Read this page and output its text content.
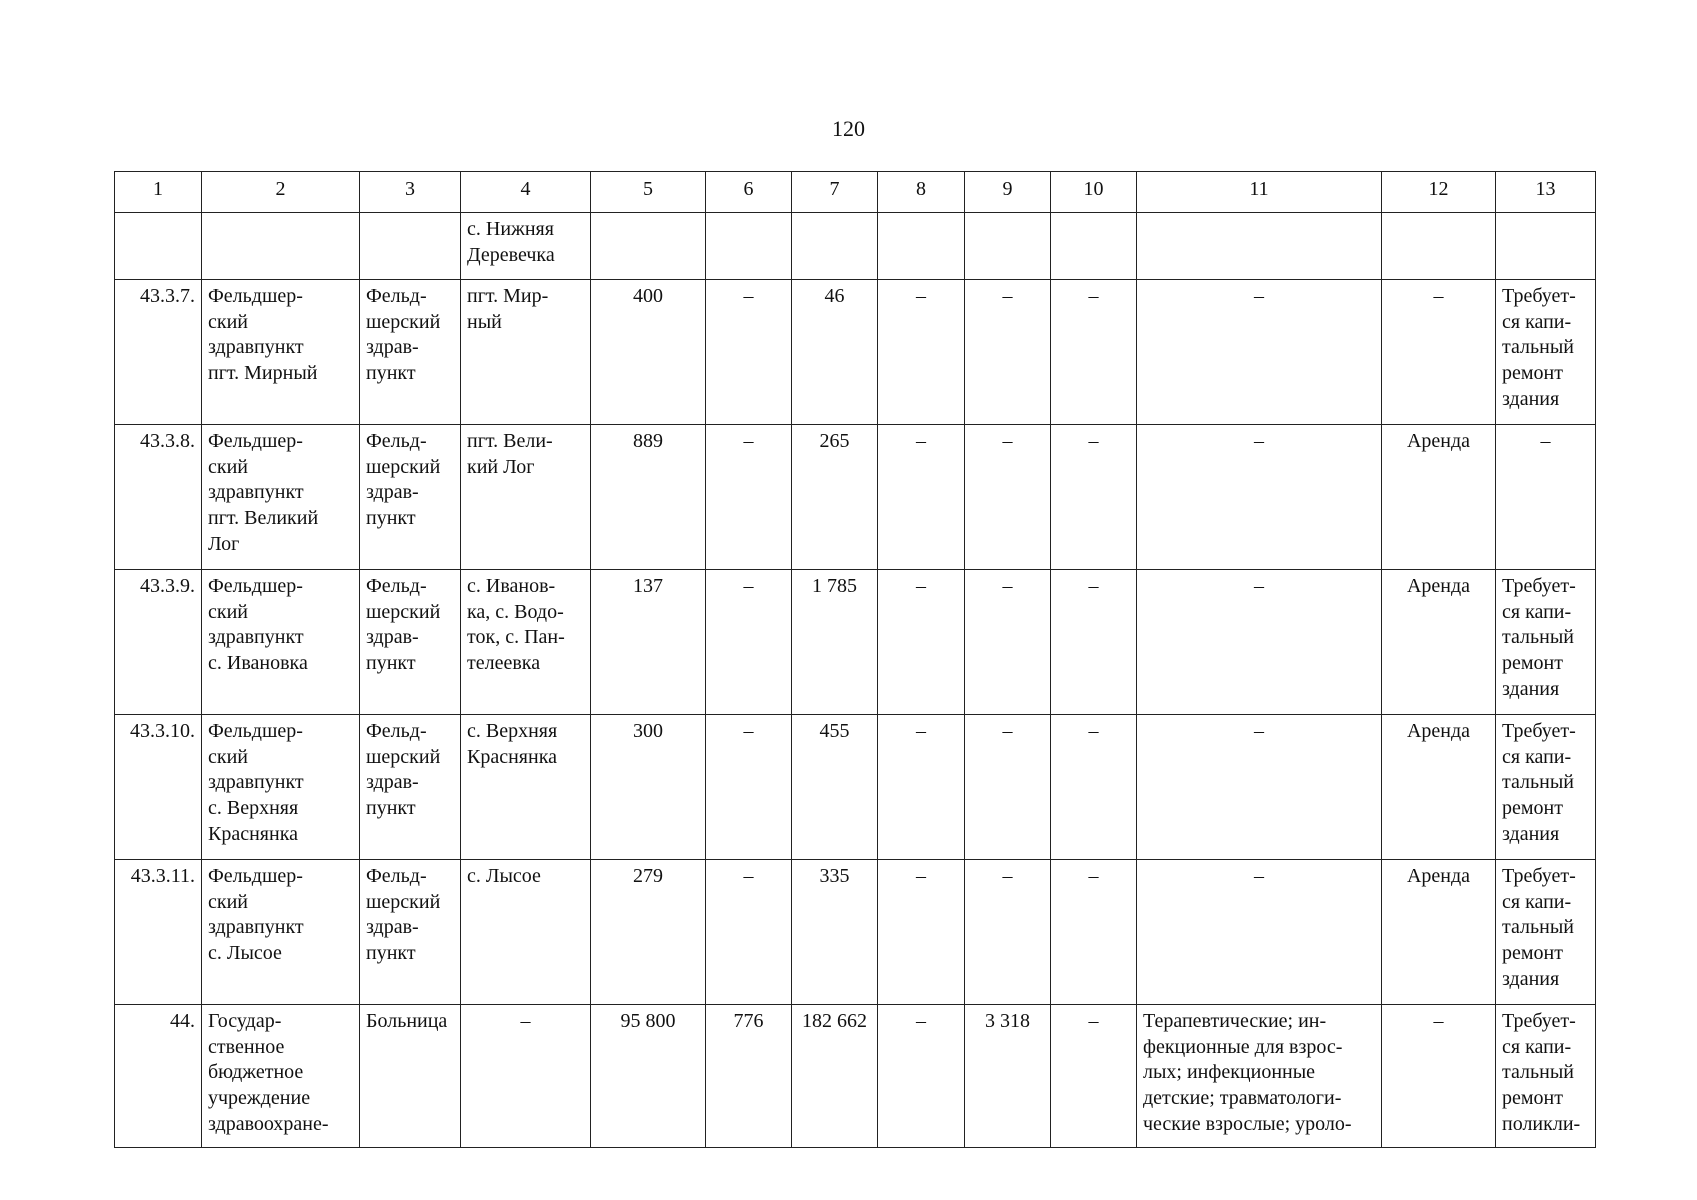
120
1	2	3	4	5	6	7	8	9	10	11	12	13
			с. Нижняя
Деревечка									
43.3.7.	Фельдшер-
ский
здравпункт
пгт. Мирный	Фельд-
шерский
здрав-
пункт	пгт. Мир-
ный	400	–	46	–	–	–	–	–	Требует-
ся капи-
тальный
ремонт
здания
43.3.8.	Фельдшер-
ский
здравпункт
пгт. Великий
Лог	Фельд-
шерский
здрав-
пункт	пгт. Вели-
кий Лог	889	–	265	–	–	–	–	Аренда	–
43.3.9.	Фельдшер-
ский
здравпункт
с. Ивановка	Фельд-
шерский
здрав-
пункт	с. Иванов-
ка, с. Водо-
ток, с. Пан-
телеевка	137	–	1 785	–	–	–	–	Аренда	Требует-
ся капи-
тальный
ремонт
здания
43.3.10.	Фельдшер-
ский
здравпункт
с. Верхняя
Краснянка	Фельд-
шерский
здрав-
пункт	с. Верхняя
Краснянка	300	–	455	–	–	–	–	Аренда	Требует-
ся капи-
тальный
ремонт
здания
43.3.11.	Фельдшер-
ский
здравпункт
с. Лысое	Фельд-
шерский
здрав-
пункт	с. Лысое	279	–	335	–	–	–	–	Аренда	Требует-
ся капи-
тальный
ремонт
здания
44.	Государ-
ственное
бюджетное
учреждение
здравоохране-	Больница	–	95 800	776	182 662	–	3 318	–	Терапевтические; ин-
фекционные для взрос-
лых; инфекционные
детские; травматологи-
ческие взрослые; уроло-	–	Требует-
ся капи-
тальный
ремонт
поликли-
